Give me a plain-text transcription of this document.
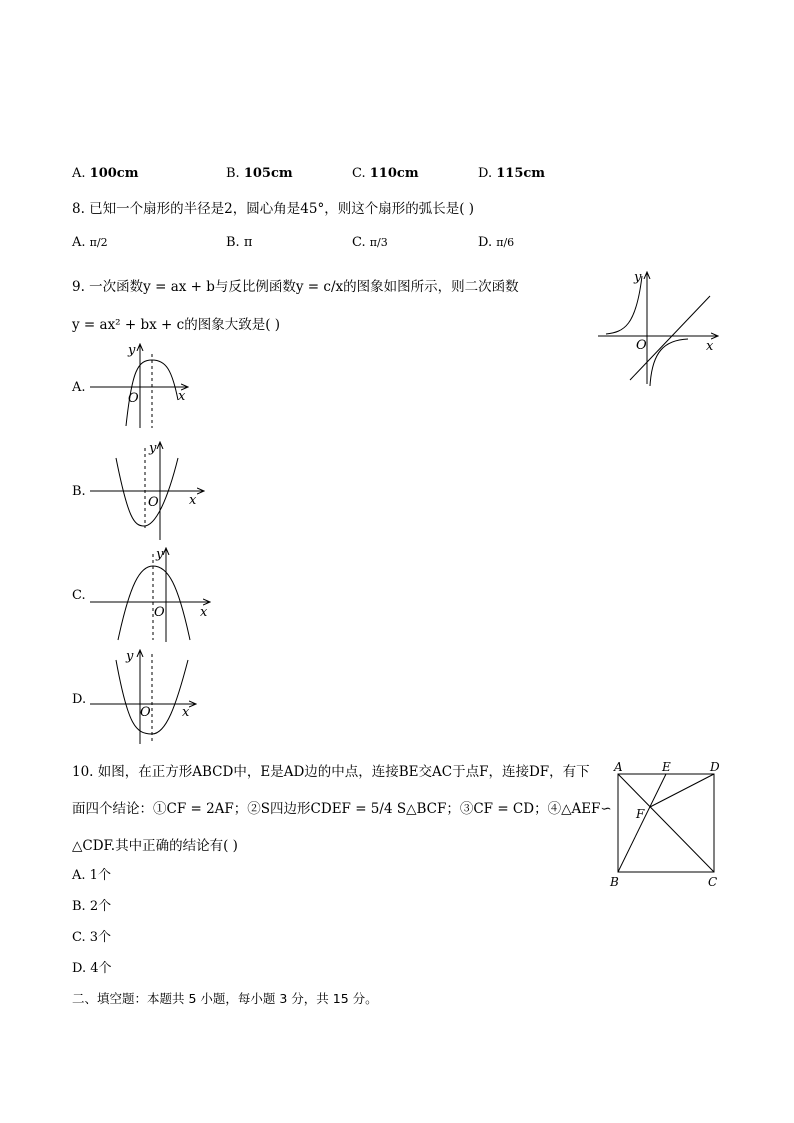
A. 100cm	B. 105cm	C. 110cm	D. 115cm
8. 已知一个扇形的半径是2，圆心角是45°，则这个扇形的弧长是( )
A. π/2	B. π	C. π/3	D. π/6
9. 一次函数y = ax + b与反比例函数y = c/x的图象如图所示，则二次函数
y = ax² + bx + c的图象大致是( )
y
O	x
A.
y
O	x
B.
y
O x
C.
y
O	x
D.
y
O x
10. 如图，在正方形ABCD中，E是AD边的中点，连接BE交AC于点F，连接DF，有下
面四个结论：①CF = 2AF；②S四边形CDEF = 5/4 S△BCF；③CF = CD；④△AEF∽
△CDF.其中正确的结论有( )
A	E	D
F
B	C
A. 1个
B. 2个
C. 3个
D. 4个
二、填空题：本题共 5 小题，每小题 3 分，共 15 分。
